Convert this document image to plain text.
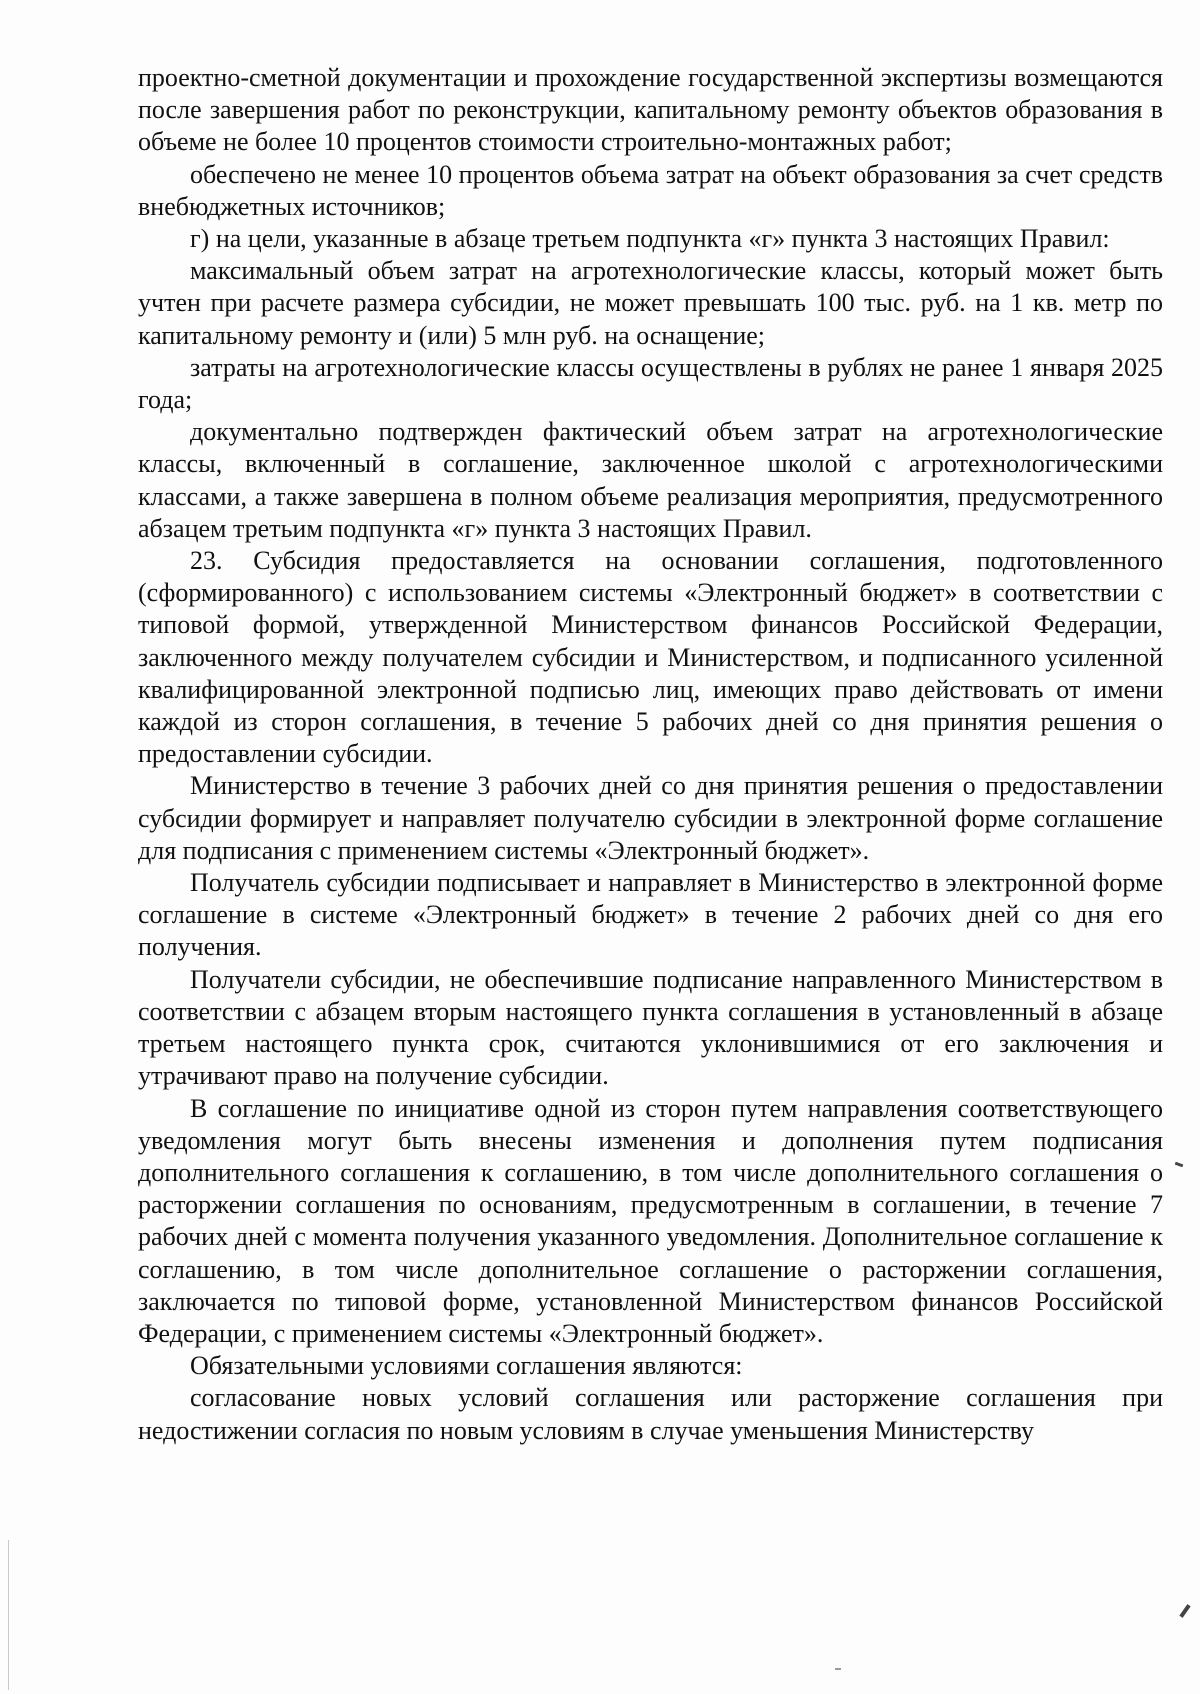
проектно-сметной документации и прохождение государственной экспертизы возмещаются после завершения работ по реконструкции, капитальному ремонту объектов образования в объеме не более 10 процентов стоимости строительно-монтажных работ;

обеспечено не менее 10 процентов объема затрат на объект образования за счет средств внебюджетных источников;

г) на цели, указанные в абзаце третьем подпункта «г» пункта 3 настоящих Правил:

максимальный объем затрат на агротехнологические классы, который может быть учтен при расчете размера субсидии, не может превышать 100 тыс. руб. на 1 кв. метр по капитальному ремонту и (или) 5 млн руб. на оснащение;

затраты на агротехнологические классы осуществлены в рублях не ранее 1 января 2025 года;

документально подтвержден фактический объем затрат на агротехнологические классы, включенный в соглашение, заключенное школой с агротехнологическими классами, а также завершена в полном объеме реализация мероприятия, предусмотренного абзацем третьим подпункта «г» пункта 3 настоящих Правил.

23. Субсидия предоставляется на основании соглашения, подготовленного (сформированного) с использованием системы «Электронный бюджет» в соответствии с типовой формой, утвержденной Министерством финансов Российской Федерации, заключенного между получателем субсидии и Министерством, и подписанного усиленной квалифицированной электронной подписью лиц, имеющих право действовать от имени каждой из сторон соглашения, в течение 5 рабочих дней со дня принятия решения о предоставлении субсидии.

Министерство в течение 3 рабочих дней со дня принятия решения о предоставлении субсидии формирует и направляет получателю субсидии в электронной форме соглашение для подписания с применением системы «Электронный бюджет».

Получатель субсидии подписывает и направляет в Министерство в электронной форме соглашение в системе «Электронный бюджет» в течение 2 рабочих дней со дня его получения.

Получатели субсидии, не обеспечившие подписание направленного Министерством в соответствии с абзацем вторым настоящего пункта соглашения в установленный в абзаце третьем настоящего пункта срок, считаются уклонившимися от его заключения и утрачивают право на получение субсидии.

В соглашение по инициативе одной из сторон путем направления соответствующего уведомления могут быть внесены изменения и дополнения путем подписания дополнительного соглашения к соглашению, в том числе дополнительного соглашения о расторжении соглашения по основаниям, предусмотренным в соглашении, в течение 7 рабочих дней с момента получения указанного уведомления. Дополнительное соглашение к соглашению, в том числе дополнительное соглашение о расторжении соглашения, заключается по типовой форме, установленной Министерством финансов Российской Федерации, с применением системы «Электронный бюджет».

Обязательными условиями соглашения являются:

согласование новых условий соглашения или расторжение соглашения при недостижении согласия по новым условиям в случае уменьшения Министерству
